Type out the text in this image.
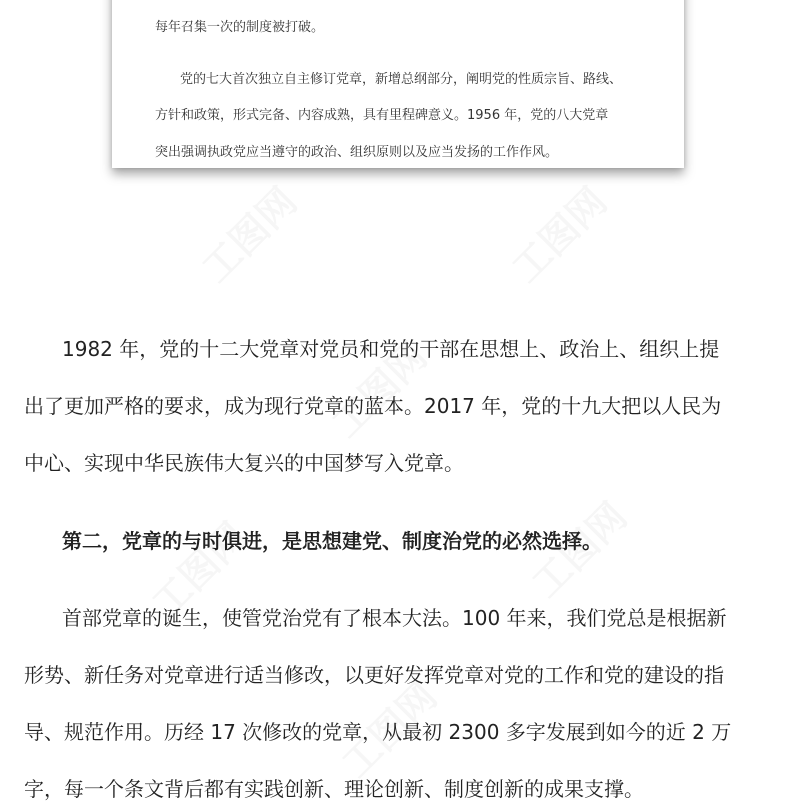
工图网	工图网
工图网
工图网	工图网
工图网

每年召集一次的制度被打破。

党的七大首次独立自主修订党章，新增总纲部分，阐明党的性质宗旨、路线、

方针和政策，形式完备、内容成熟，具有里程碑意义。1956 年，党的八大党章

突出强调执政党应当遵守的政治、组织原则以及应当发扬的工作作风。

1982 年，党的十二大党章对党员和党的干部在思想上、政治上、组织上提

出了更加严格的要求，成为现行党章的蓝本。2017 年，党的十九大把以人民为

中心、实现中华民族伟大复兴的中国梦写入党章。

第二，党章的与时俱进，是思想建党、制度治党的必然选择。

首部党章的诞生，使管党治党有了根本大法。100 年来，我们党总是根据新

形势、新任务对党章进行适当修改，以更好发挥党章对党的工作和党的建设的指

导、规范作用。历经 17 次修改的党章，从最初 2300 多字发展到如今的近 2 万

字，每一个条文背后都有实践创新、理论创新、制度创新的成果支撑。
